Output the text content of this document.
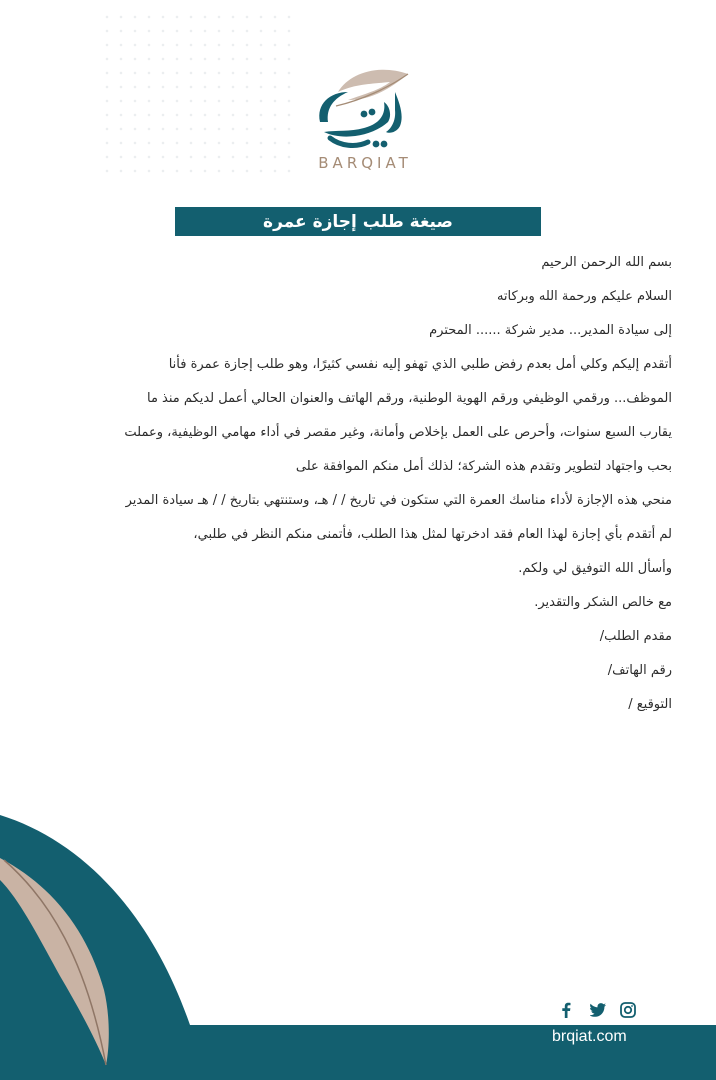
BARQIAT
صيغة طلب إجازة عمرة
بسم الله الرحمن الرحيم
السلام عليكم ورحمة الله وبركاته
إلى سيادة المدير... مدير شركة ...... المحترم
أتقدم إليكم وكلي أمل بعدم رفض طلبي الذي تهفو إليه نفسي كثيرًا، وهو طلب إجازة عمرة فأنا
الموظف... ورقمي الوظيفي ورقم الهوية الوطنية، ورقم الهاتف والعنوان الحالي أعمل لديكم منذ ما
يقارب السبع سنوات، وأحرص على العمل بإخلاص وأمانة، وغير مقصر في أداء مهامي الوظيفية، وعملت
بحب واجتهاد لتطوير وتقدم هذه الشركة؛ لذلك أمل منكم الموافقة على
منحي هذه الإجازة لأداء مناسك العمرة التي ستكون في تاريخ / / هـ، وستنتهي بتاريخ / / هـ سيادة المدير
لم أتقدم بأي إجازة لهذا العام فقد ادخرتها لمثل هذا الطلب، فأتمنى منكم النظر في طلبي،
وأسأل الله التوفيق لي ولكم.
مع خالص الشكر والتقدير.
مقدم الطلب/
رقم الهاتف/
التوقيع /
brqiat.com
